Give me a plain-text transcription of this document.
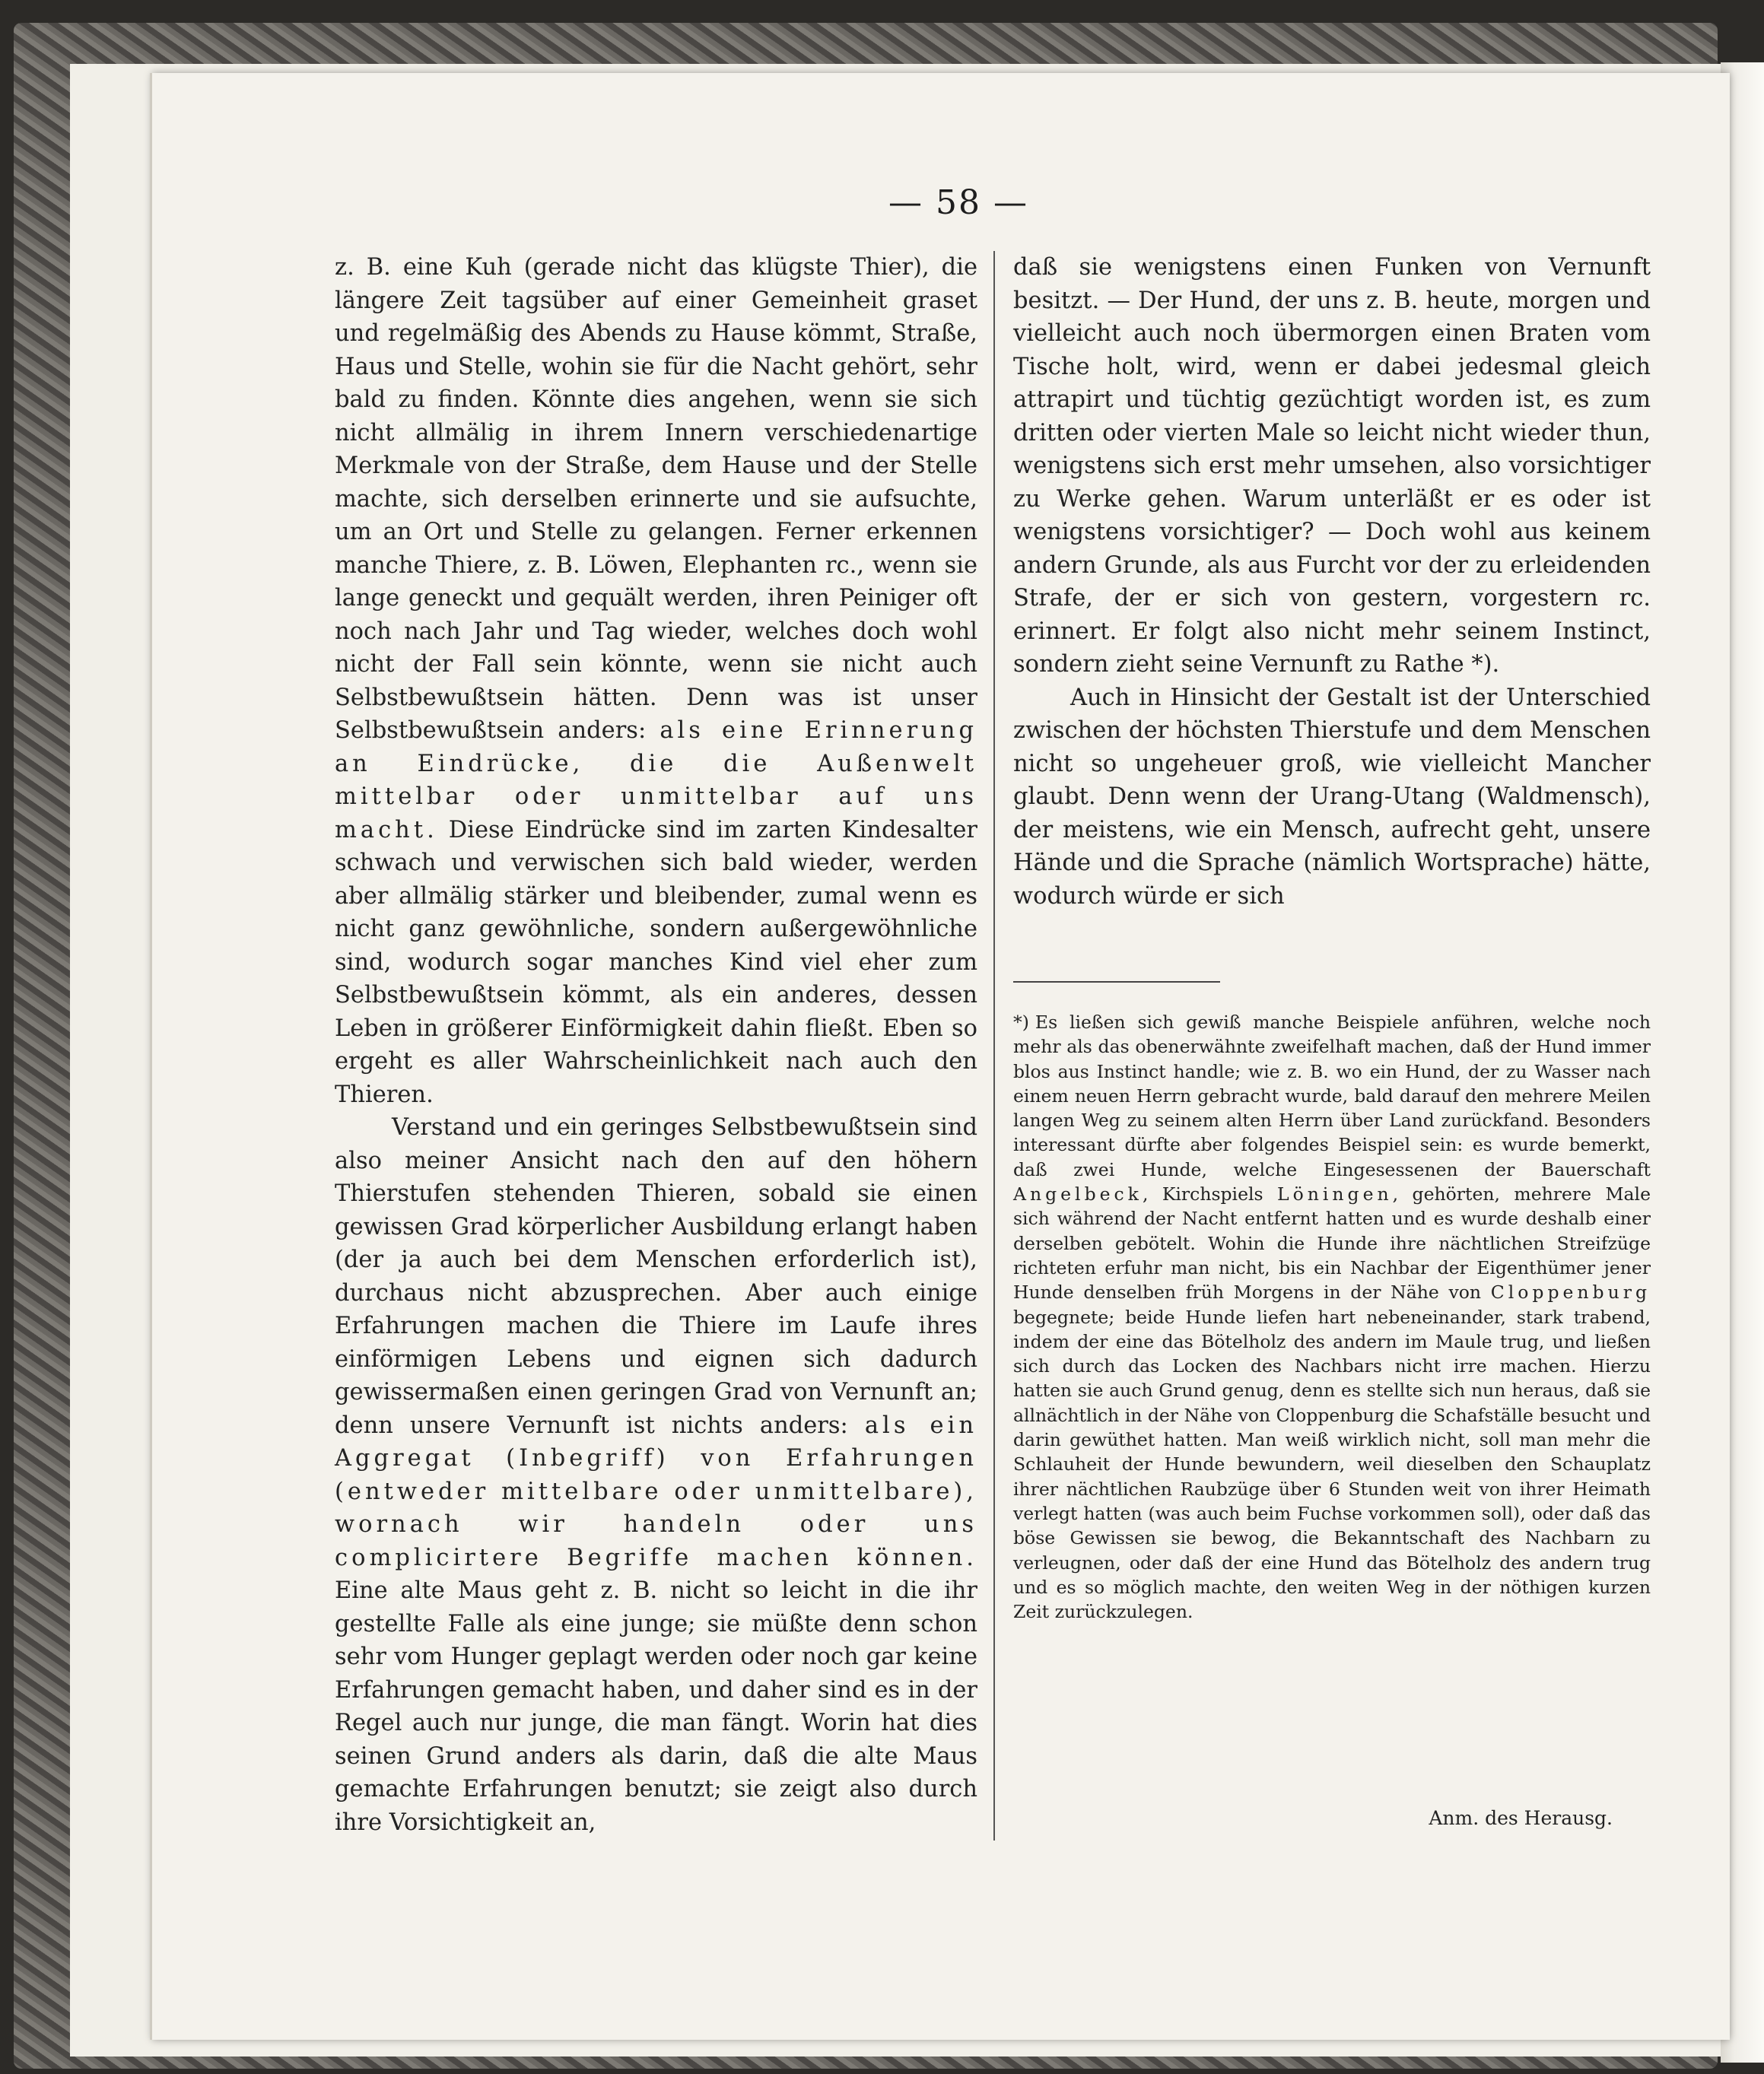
— 58 —

z. B. eine Kuh (gerade nicht das klügste Thier), die längere Zeit tagsüber auf einer Gemeinheit graset und regelmäßig des Abends zu Hause kömmt, Straße, Haus und Stelle, wohin sie für die Nacht gehört, sehr bald zu finden. Könnte dies angehen, wenn sie sich nicht allmälig in ihrem Innern verschiedenartige Merkmale von der Straße, dem Hause und der Stelle machte, sich derselben erinnerte und sie aufsuchte, um an Ort und Stelle zu gelangen. Ferner erkennen manche Thiere, z. B. Löwen, Elephanten rc., wenn sie lange geneckt und gequält werden, ihren Peiniger oft noch nach Jahr und Tag wieder, welches doch wohl nicht der Fall sein könnte, wenn sie nicht auch Selbstbewußtsein hätten. Denn was ist unser Selbstbewußtsein anders: als eine Erinnerung an Eindrücke, die die Außenwelt mittelbar oder unmittelbar auf uns macht. Diese Eindrücke sind im zarten Kindesalter schwach und verwischen sich bald wieder, werden aber allmälig stärker und bleibender, zumal wenn es nicht ganz gewöhnliche, sondern außergewöhnliche sind, wodurch sogar manches Kind viel eher zum Selbstbewußtsein kömmt, als ein anderes, dessen Leben in größerer Einförmigkeit dahin fließt. Eben so ergeht es aller Wahrscheinlichkeit nach auch den Thieren.

Verstand und ein geringes Selbstbewußtsein sind also meiner Ansicht nach den auf den höhern Thierstufen stehenden Thieren, sobald sie einen gewissen Grad körperlicher Ausbildung erlangt haben (der ja auch bei dem Menschen erforderlich ist), durchaus nicht abzusprechen. Aber auch einige Erfahrungen machen die Thiere im Laufe ihres einförmigen Lebens und eignen sich dadurch gewissermaßen einen geringen Grad von Vernunft an; denn unsere Vernunft ist nichts anders: als ein Aggregat (Inbegriff) von Erfahrungen (entweder mittelbare oder unmittelbare), wornach wir handeln oder uns complicirtere Begriffe machen können. Eine alte Maus geht z. B. nicht so leicht in die ihr gestellte Falle als eine junge; sie müßte denn schon sehr vom Hunger geplagt werden oder noch gar keine Erfahrungen gemacht haben, und daher sind es in der Regel auch nur junge, die man fängt. Worin hat dies seinen Grund anders als darin, daß die alte Maus gemachte Erfahrungen benutzt; sie zeigt also durch ihre Vorsichtigkeit an,

daß sie wenigstens einen Funken von Vernunft besitzt. — Der Hund, der uns z. B. heute, morgen und vielleicht auch noch übermorgen einen Braten vom Tische holt, wird, wenn er dabei jedesmal gleich attrapirt und tüchtig gezüchtigt worden ist, es zum dritten oder vierten Male so leicht nicht wieder thun, wenigstens sich erst mehr umsehen, also vorsichtiger zu Werke gehen. Warum unterläßt er es oder ist wenigstens vorsichtiger? — Doch wohl aus keinem andern Grunde, als aus Furcht vor der zu erleidenden Strafe, der er sich von gestern, vorgestern rc. erinnert. Er folgt also nicht mehr seinem Instinct, sondern zieht seine Vernunft zu Rathe *).

Auch in Hinsicht der Gestalt ist der Unterschied zwischen der höchsten Thierstufe und dem Menschen nicht so ungeheuer groß, wie vielleicht Mancher glaubt. Denn wenn der Urang-Utang (Waldmensch), der meistens, wie ein Mensch, aufrecht geht, unsere Hände und die Sprache (nämlich Wortsprache) hätte, wodurch würde er sich

*) Es ließen sich gewiß manche Beispiele anführen, welche noch mehr als das obenerwähnte zweifelhaft machen, daß der Hund immer blos aus Instinct handle; wie z. B. wo ein Hund, der zu Wasser nach einem neuen Herrn gebracht wurde, bald darauf den mehrere Meilen langen Weg zu seinem alten Herrn über Land zurückfand. Besonders interessant dürfte aber folgendes Beispiel sein: es wurde bemerkt, daß zwei Hunde, welche Eingesessenen der Bauerschaft Angelbeck, Kirchspiels Löningen, gehörten, mehrere Male sich während der Nacht entfernt hatten und es wurde deshalb einer derselben gebötelt. Wohin die Hunde ihre nächtlichen Streifzüge richteten erfuhr man nicht, bis ein Nachbar der Eigenthümer jener Hunde denselben früh Morgens in der Nähe von Cloppenburg begegnete; beide Hunde liefen hart nebeneinander, stark trabend, indem der eine das Bötelholz des andern im Maule trug, und ließen sich durch das Locken des Nachbars nicht irre machen. Hierzu hatten sie auch Grund genug, denn es stellte sich nun heraus, daß sie allnächtlich in der Nähe von Cloppenburg die Schafställe besucht und darin gewüthet hatten. Man weiß wirklich nicht, soll man mehr die Schlauheit der Hunde bewundern, weil dieselben den Schauplatz ihrer nächtlichen Raubzüge über 6 Stunden weit von ihrer Heimath verlegt hatten (was auch beim Fuchse vorkommen soll), oder daß das böse Gewissen sie bewog, die Bekanntschaft des Nachbarn zu verleugnen, oder daß der eine Hund das Bötelholz des andern trug und es so möglich machte, den weiten Weg in der nöthigen kurzen Zeit zurückzulegen.

Anm. des Herausg.
